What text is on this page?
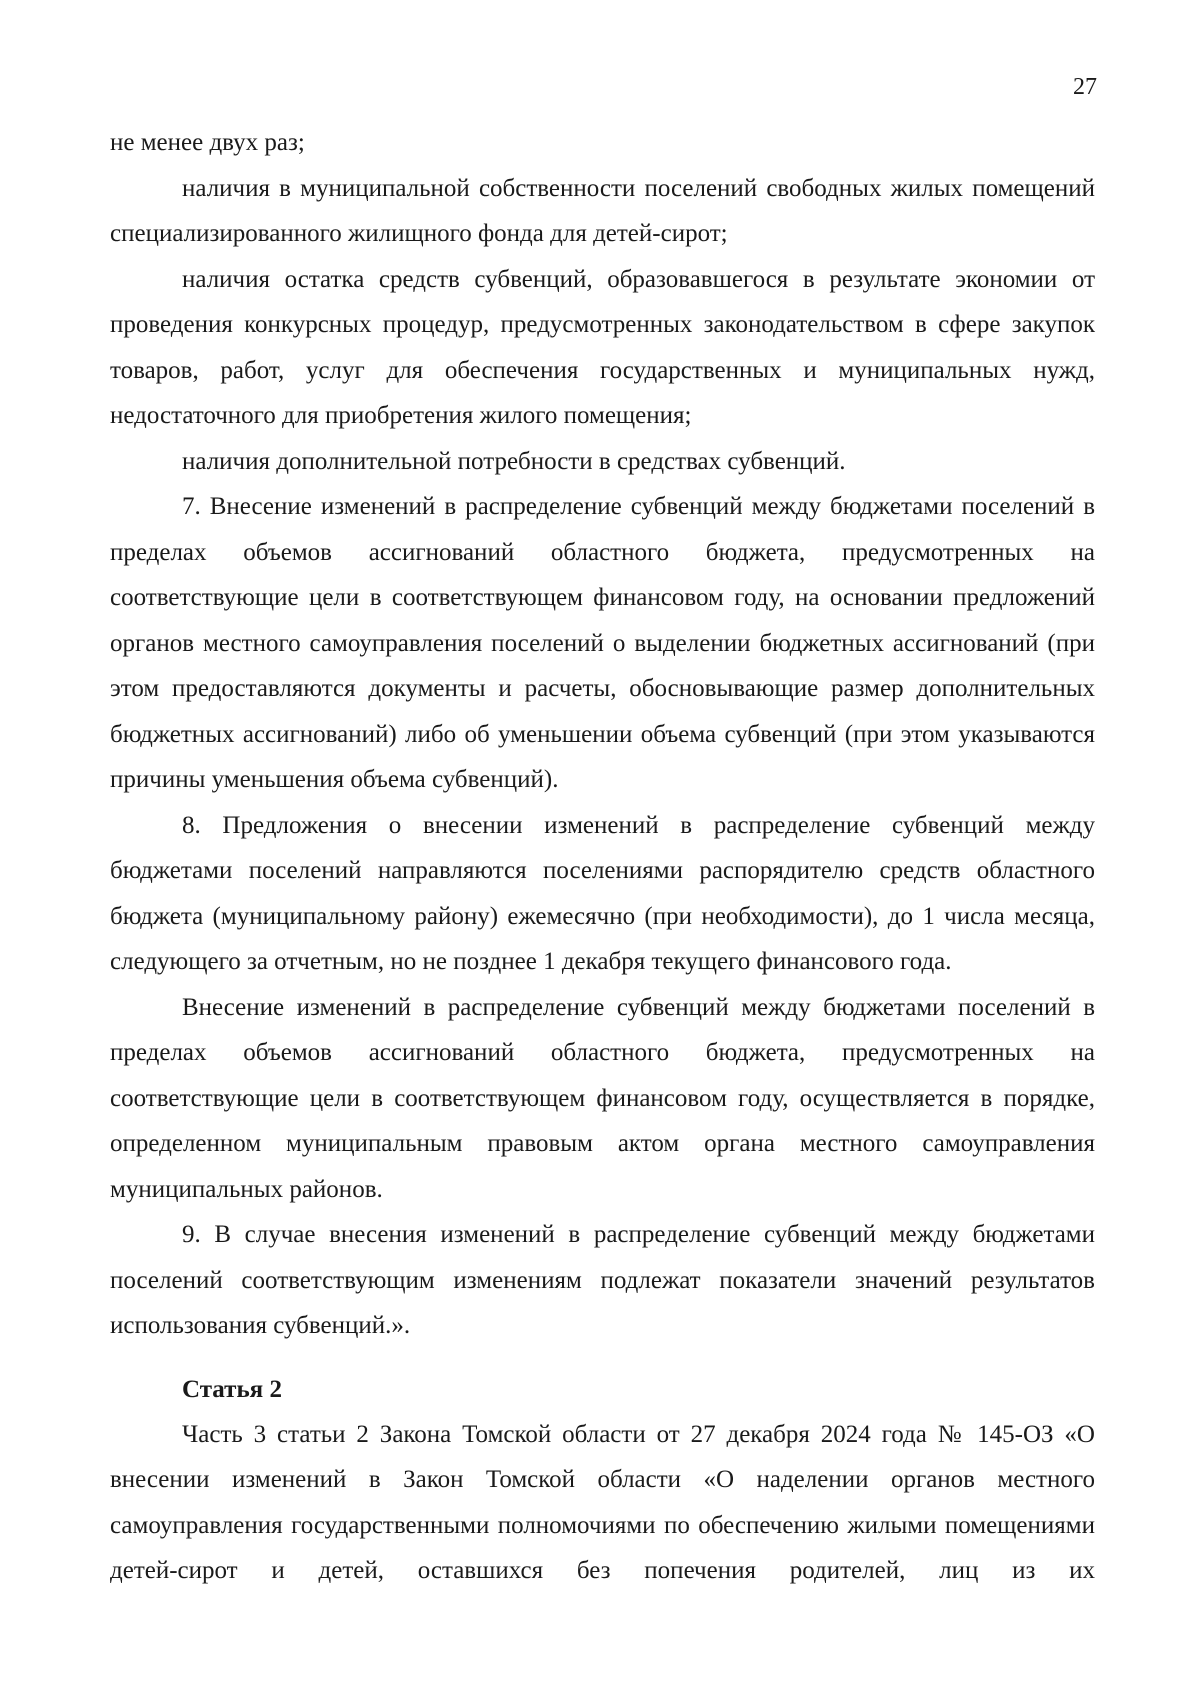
27

не менее двух раз;

наличия в муниципальной собственности поселений свободных жилых помещений специализированного жилищного фонда для детей-сирот;

наличия остатка средств субвенций, образовавшегося в результате экономии от проведения конкурсных процедур, предусмотренных законодательством в сфере закупок товаров, работ, услуг для обеспечения государственных и муниципальных нужд, недостаточного для приобретения жилого помещения;

наличия дополнительной потребности в средствах субвенций.

7. Внесение изменений в распределение субвенций между бюджетами поселений в пределах объемов ассигнований областного бюджета, предусмотренных на соответствующие цели в соответствующем финансовом году, на основании предложений органов местного самоуправления поселений о выделении бюджетных ассигнований (при этом предоставляются документы и расчеты, обосновывающие размер дополнительных бюджетных ассигнований) либо об уменьшении объема субвенций (при этом указываются причины уменьшения объема субвенций).

8. Предложения о внесении изменений в распределение субвенций между бюджетами поселений направляются поселениями распорядителю средств областного бюджета (муниципальному району) ежемесячно (при необходимости), до 1 числа месяца, следующего за отчетным, но не позднее 1 декабря текущего финансового года.

Внесение изменений в распределение субвенций между бюджетами поселений в пределах объемов ассигнований областного бюджета, предусмотренных на соответствующие цели в соответствующем финансовом году, осуществляется в порядке, определенном муниципальным правовым актом органа местного самоуправления муниципальных районов.

9. В случае внесения изменений в распределение субвенций между бюджетами поселений соответствующим изменениям подлежат показатели значений результатов использования субвенций.».

Статья 2

Часть 3 статьи 2 Закона Томской области от 27 декабря 2024 года № 145-ОЗ «О внесении изменений в Закон Томской области «О наделении органов местного самоуправления государственными полномочиями по обеспечению жилыми помещениями детей-сирот и детей, оставшихся без попечения родителей, лиц из их
